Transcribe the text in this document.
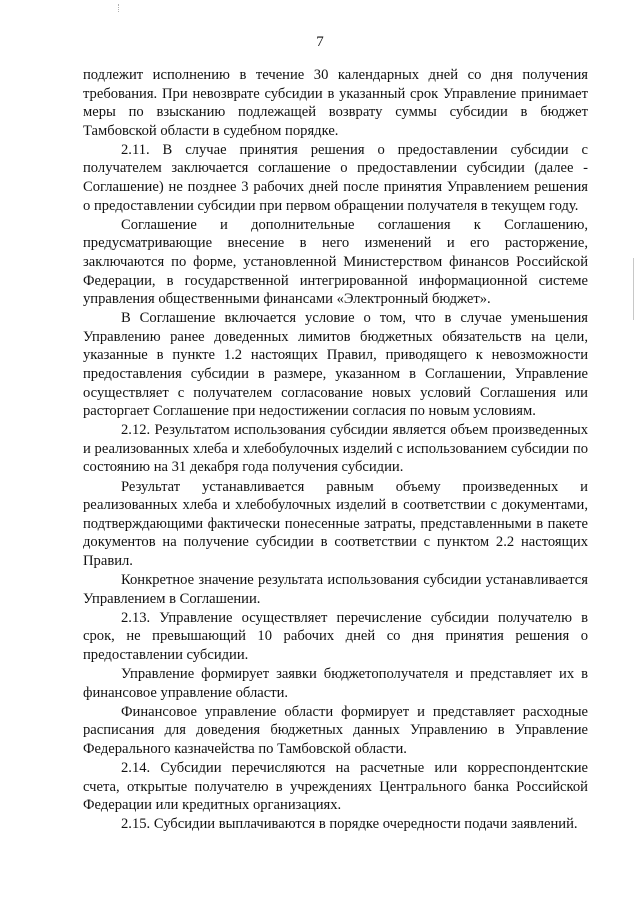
7

подлежит исполнению в течение 30 календарных дней со дня получения требования. При невозврате субсидии в указанный срок Управление принимает меры по взысканию подлежащей возврату суммы субсидии в бюджет Тамбовской области в судебном порядке.

2.11. В случае принятия решения о предоставлении субсидии с получателем заключается соглашение о предоставлении субсидии (далее - Соглашение) не позднее 3 рабочих дней после принятия Управлением решения о предоставлении субсидии при первом обращении получателя в текущем году.

Соглашение и дополнительные соглашения к Соглашению, предусматривающие внесение в него изменений и его расторжение, заключаются по форме, установленной Министерством финансов Российской Федерации, в государственной интегрированной информационной системе управления общественными финансами «Электронный бюджет».

В Соглашение включается условие о том, что в случае уменьшения Управлению ранее доведенных лимитов бюджетных обязательств на цели, указанные в пункте 1.2 настоящих Правил, приводящего к невозможности предоставления субсидии в размере, указанном в Соглашении, Управление осуществляет с получателем согласование новых условий Соглашения или расторгает Соглашение при недостижении согласия по новым условиям.

2.12. Результатом использования субсидии является объем произведенных и реализованных хлеба и хлебобулочных изделий с использованием субсидии по состоянию на 31 декабря года получения субсидии.

Результат устанавливается равным объему произведенных и реализованных хлеба и хлебобулочных изделий в соответствии с документами, подтверждающими фактически понесенные затраты, представленными в пакете документов на получение субсидии в соответствии с пунктом 2.2 настоящих Правил.

Конкретное значение результата использования субсидии устанавливается Управлением в Соглашении.

2.13. Управление осуществляет перечисление субсидии получателю в срок, не превышающий 10 рабочих дней со дня принятия решения о предоставлении субсидии.

Управление формирует заявки бюджетополучателя и представляет их в финансовое управление области.

Финансовое управление области формирует и представляет расходные расписания для доведения бюджетных данных Управлению в Управление Федерального казначейства по Тамбовской области.

2.14. Субсидии перечисляются на расчетные или корреспондентские счета, открытые получателю в учреждениях Центрального банка Российской Федерации или кредитных организациях.

2.15. Субсидии выплачиваются в порядке очередности подачи заявлений.
